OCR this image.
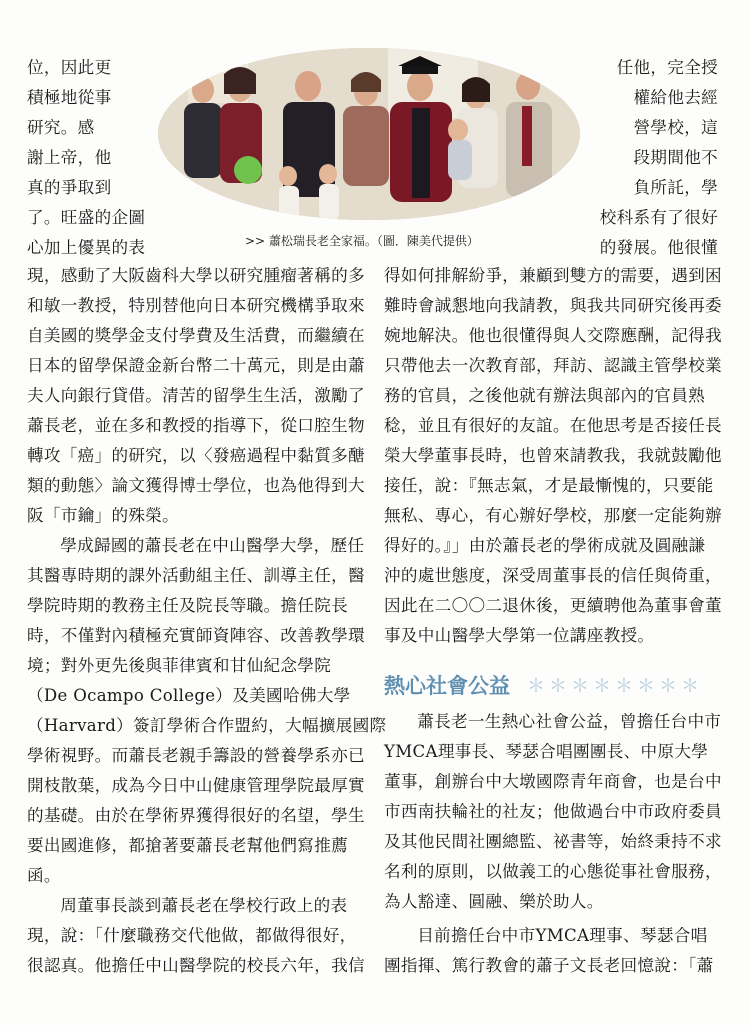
>> 蕭松瑞長老全家福。（圖．陳美代提供）
位，因此更
積極地從事
研究。感
謝上帝，他
真的爭取到
了。旺盛的企圖
心加上優異的表
任他，完全授
權給他去經
營學校，這
段期間他不
負所託，學
校科系有了很好
的發展。他很懂
現，感動了大阪齒科大學以研究腫瘤著稱的多
和敏一教授，特別替他向日本研究機構爭取來
自美國的獎學金支付學費及生活費，而繼續在
日本的留學保證金新台幣二十萬元，則是由蕭
夫人向銀行貸借。清苦的留學生生活，激勵了
蕭長老，並在多和教授的指導下，從口腔生物
轉攻「癌」的研究，以〈發癌過程中黏質多醣
類的動態〉論文獲得博士學位，也為他得到大
阪「市鑰」的殊榮。
學成歸國的蕭長老在中山醫學大學，歷任
其醫專時期的課外活動組主任、訓導主任，醫
學院時期的教務主任及院長等職。擔任院長
時，不僅對內積極充實師資陣容、改善教學環
境；對外更先後與菲律賓和甘仙紀念學院
（De Ocampo College）及美國哈佛大學
（Harvard）簽訂學術合作盟約，大幅擴展國際
學術視野。而蕭長老親手籌設的營養學系亦已
開枝散葉，成為今日中山健康管理學院最厚實
的基礎。由於在學術界獲得很好的名望，學生
要出國進修，都搶著要蕭長老幫他們寫推薦
函。
周董事長談到蕭長老在學校行政上的表
現，說：「什麼職務交代他做，都做得很好，
很認真。他擔任中山醫學院的校長六年，我信
得如何排解紛爭，兼顧到雙方的需要，遇到困
難時會誠懇地向我請教，與我共同研究後再委
婉地解決。他也很懂得與人交際應酬，記得我
只帶他去一次教育部，拜訪、認識主管學校業
務的官員，之後他就有辦法與部內的官員熟
稔，並且有很好的友誼。在他思考是否接任長
榮大學董事長時，也曾來請教我，我就鼓勵他
接任，說：『無志氣，才是最慚愧的，只要能
無私、專心，有心辦好學校，那麼一定能夠辦
得好的。』」由於蕭長老的學術成就及圓融謙
沖的處世態度，深受周董事長的信任與倚重，
因此在二〇〇二退休後，更續聘他為董事會董
事及中山醫學大學第一位講座教授。
熱心社會公益 ＊＊＊＊＊＊＊＊
蕭長老一生熱心社會公益，曾擔任台中市
YMCA理事長、琴瑟合唱團團長、中原大學
董事，創辦台中大墩國際青年商會，也是台中
市西南扶輪社的社友；他做過台中市政府委員
及其他民間社團總監、祕書等，始終秉持不求
名利的原則，以做義工的心態從事社會服務，
為人豁達、圓融、樂於助人。
目前擔任台中市YMCA理事、琴瑟合唱
團指揮、篤行教會的蕭子文長老回憶說：「蕭
